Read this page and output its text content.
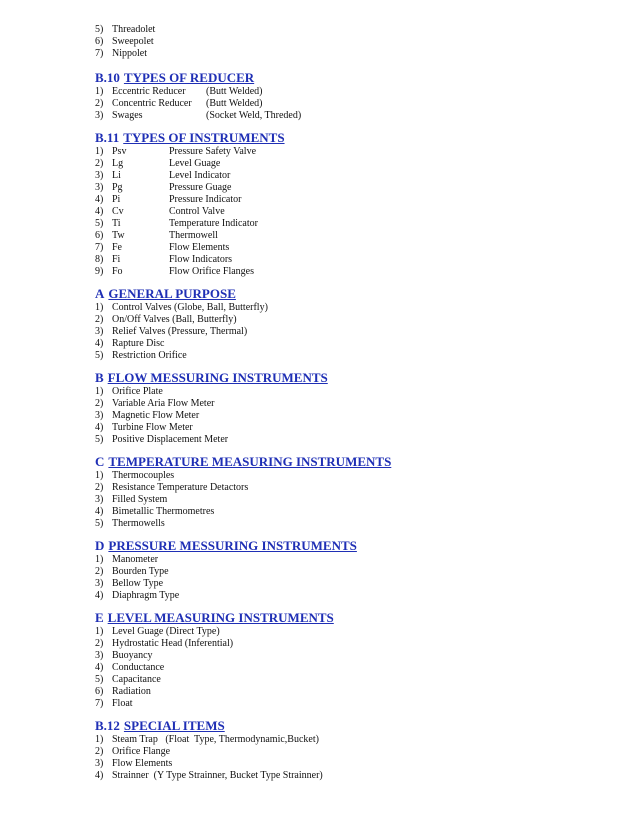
5) Threadolet
6) Sweepolet
7) Nippolet
B.10 TYPES OF REDUCER
1) Eccentric Reducer (Butt Welded)
2) Concentric Reducer (Butt Welded)
3) Swages	(Socket Weld, Threded)
B.11 TYPES OF INSTRUMENTS
1) Psv	Pressure Safety Valve
2) Lg	Level Guage
3) Li	Level Indicator
3) Pg	Pressure Guage
4) Pi	Pressure Indicator
4) Cv	Control Valve
5) Ti	Temperature Indicator
6) Tw	Thermowell
7) Fe	Flow Elements
8) Fi	Flow Indicators
9) Fo	Flow Orifice Flanges
A GENERAL PURPOSE
1) Control Valves (Globe, Ball, Butterfly)
2) On/Off Valves (Ball, Butterfly)
3) Relief Valves (Pressure, Thermal)
4) Rapture Disc
5) Restriction Orifice
B FLOW MESSURING INSTRUMENTS
1) Orifice Plate
2) Variable Aria Flow Meter
3) Magnetic Flow Meter
4) Turbine Flow Meter
5) Positive Displacement Meter
C TEMPERATURE MEASURING INSTRUMENTS
1) Thermocouples
2) Resistance Temperature Detactors
3) Filled System
4) Bimetallic Thermometres
5) Thermowells
D PRESSURE MESSURING INSTRUMENTS
1) Manometer
2) Bourden Type
3) Bellow Type
4) Diaphragm Type
E LEVEL MEASURING INSTRUMENTS
1) Level Guage (Direct Type)
2) Hydrostatic Head (Inferential)
3) Buoyancy
4) Conductance
5) Capacitance
6) Radiation
7) Float
B.12 SPECIAL ITEMS
1) Steam Trap   (Float  Type, Thermodynamic,Bucket)
2) Orifice Flange
3) Flow Elements
4) Strainner  (Y Type Strainner, Bucket Type Strainner)
